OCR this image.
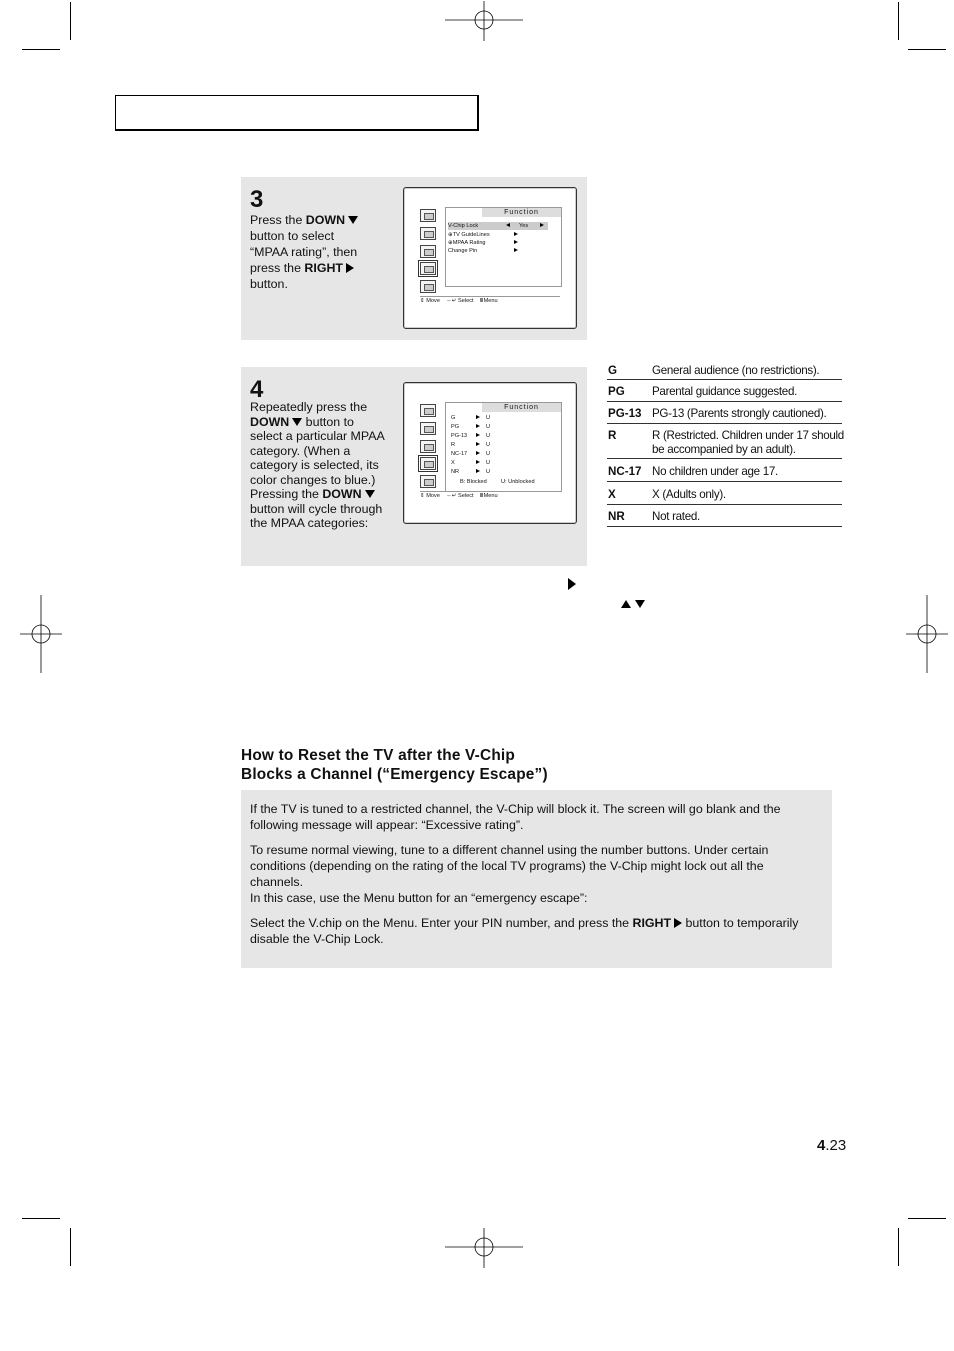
3
Press the DOWN button to select “MPAA rating”, then press the RIGHT
button.
Function
V-Chip Lock	Yes
⊕TV GuideLines
⊕MPAA Rating
Change Pin
⇕ Move ⇔↵ Select ⅢMenu
4
Repeatedly press the DOWN button to select a particular MPAA category. (When a category is selected, its color changes to blue.) Pressing the DOWN button will cycle through the MPAA categories:
Function
G	U
PG	U
PG-13	U
R	U
NC-17	U
X	U
NR	U
B: Blocked	U: Unblocked
⇕ Move ⇔↵ Select ⅢMenu
G	General audience (no restrictions).
PG Parental guidance suggested.
PG-13 PG-13 (Parents strongly cautioned).
R	R (Restricted. Children under 17 should be accompanied by an adult).
NC-17 No children under age 17.
X	X (Adults only).
NR Not rated.
How to Reset the TV after the V-Chip
Blocks a Channel (“Emergency Escape”)
If the TV is tuned to a restricted channel, the V-Chip will block it. The screen will go blank and the following message will appear: “Excessive rating”.
To resume normal viewing, tune to a different channel using the number buttons. Under certain conditions (depending on the rating of the local TV programs) the V-Chip might lock out all the channels.
In this case, use the Menu button for an “emergency escape”:
Select the V.chip on the Menu. Enter your PIN number, and press the RIGHT button to temporarily disable the V-Chip Lock.
4.23
